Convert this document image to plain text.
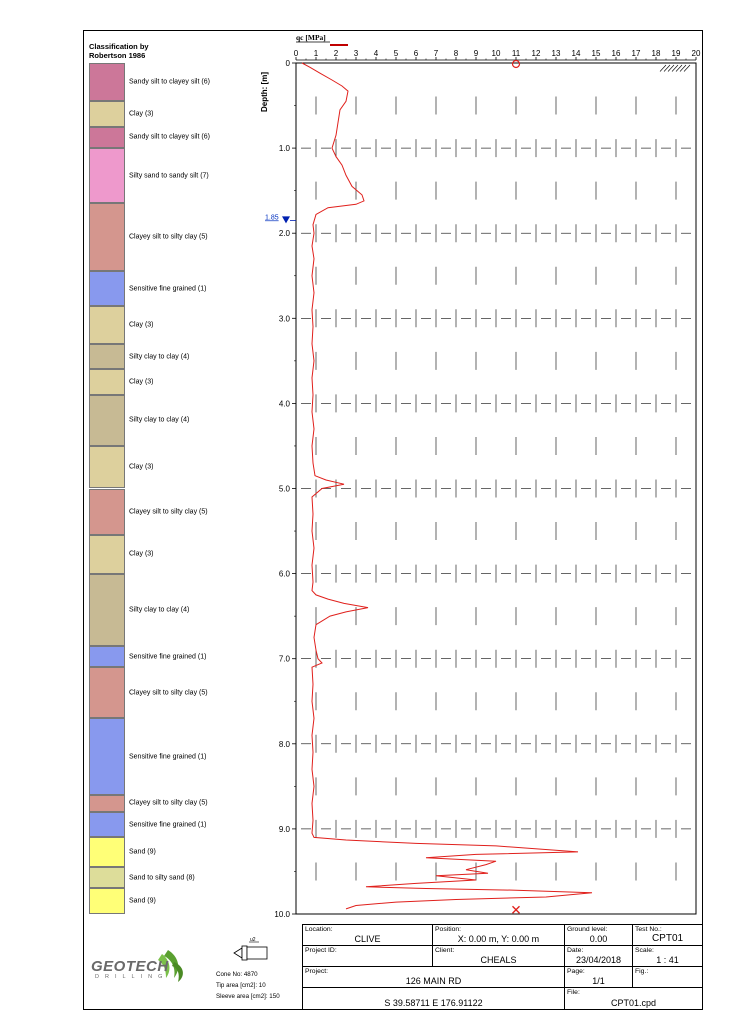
Classification by
Robertson 1986
Sandy silt to clayey silt (6)
Clay (3)
Sandy silt to clayey silt (6)
Silty sand to sandy silt (7)
Clayey silt to silty clay (5)
Sensitive fine grained (1)
Clay (3)
Silty clay to clay (4)
Clay (3)
Silty clay to clay (4)
Clay (3)
Clayey silt to silty clay (5)
Clay (3)
Silty clay to clay (4)
Sensitive fine grained (1)
Clayey silt to silty clay (5)
Sensitive fine grained (1)
Clayey silt to silty clay (5)
Sensitive fine grained (1)
Sand (9)
Sand to silty sand (8)
Sand (9)
qc [MPa]
0 1 2 3 4 5 6 7 8 9 10 11 12 13 14 15 16 17 18 19 20
Depth: [m]
0
1.0
2.0
3.0
4.0
5.0
6.0
7.0
8.0
9.0
10.0
1.85
Location:
CLIVE
Position:
X: 0.00 m, Y: 0.00 m
Ground level:
0.00
Test No.:
CPT01
Project ID:	Client:
CHEALS
Date:
23/04/2018
Scale:
1 : 41
Project:
126 MAIN RD
Page:
1/1
Fig.:
S 39.58711 E 176.91122
File:
CPT01.cpd
u2
Cone No: 4870
Tip area [cm2]: 10
Sleeve area [cm2]: 150
GEOTECH
DRILLING
